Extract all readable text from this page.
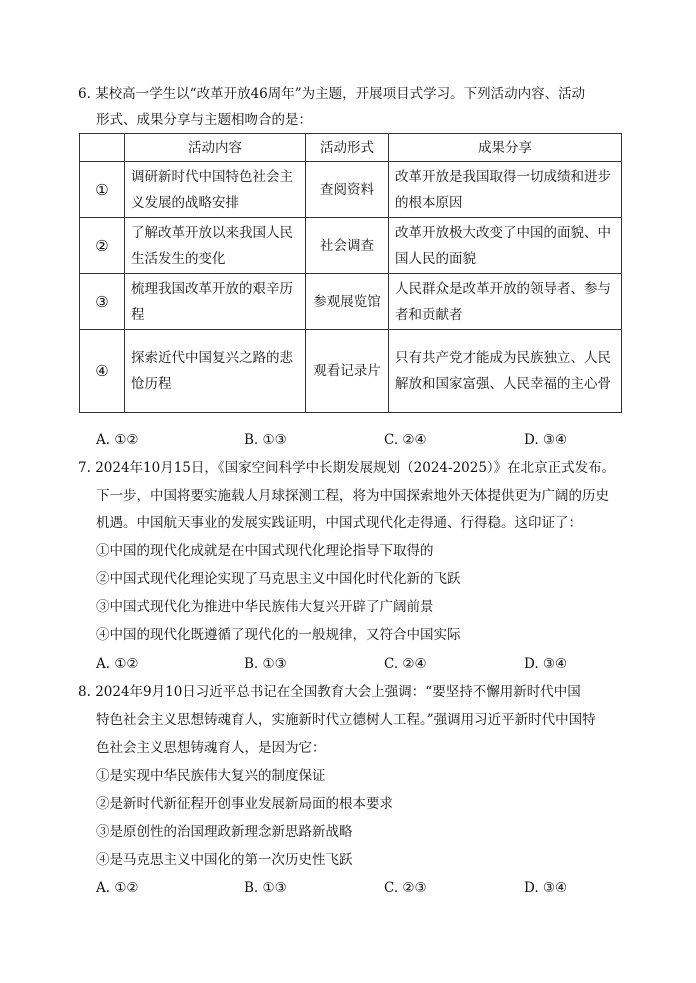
6. 某校高一学生以“改革开放46周年”为主题，开展项目式学习。下列活动内容、活动
形式、成果分享与主题相吻合的是：
	活动内容	活动形式	成果分享
①	调研新时代中国特色社会主义发展的战略安排	查阅资料	改革开放是我国取得一切成绩和进步的根本原因
②	了解改革开放以来我国人民生活发生的变化	社会调查	改革开放极大改变了中国的面貌、中国人民的面貌
③	梳理我国改革开放的艰辛历程	参观展览馆	人民群众是改革开放的领导者、参与者和贡献者
④	探索近代中国复兴之路的悲怆历程	观看记录片	只有共产党才能成为民族独立、人民解放和国家富强、人民幸福的主心骨
A. ①②	B. ①③	C. ②④	D. ③④
7. 2024年10月15日，《国家空间科学中长期发展规划（2024-2025）》在北京正式发布。
下一步，中国将要实施载人月球探测工程，将为中国探索地外天体提供更为广阔的历史
机遇。中国航天事业的发展实践证明，中国式现代化走得通、行得稳。这印证了：
①中国的现代化成就是在中国式现代化理论指导下取得的
②中国式现代化理论实现了马克思主义中国化时代化新的飞跃
③中国式现代化为推进中华民族伟大复兴开辟了广阔前景
④中国的现代化既遵循了现代化的一般规律，又符合中国实际
A. ①②	B. ①③	C. ②④	D. ③④
8. 2024年9月10日习近平总书记在全国教育大会上强调：“要坚持不懈用新时代中国
特色社会主义思想铸魂育人，实施新时代立德树人工程。”强调用习近平新时代中国特
色社会主义思想铸魂育人，是因为它：
①是实现中华民族伟大复兴的制度保证
②是新时代新征程开创事业发展新局面的根本要求
③是原创性的治国理政新理念新思路新战略
④是马克思主义中国化的第一次历史性飞跃
A. ①②	B. ①③	C. ②③	D. ③④
